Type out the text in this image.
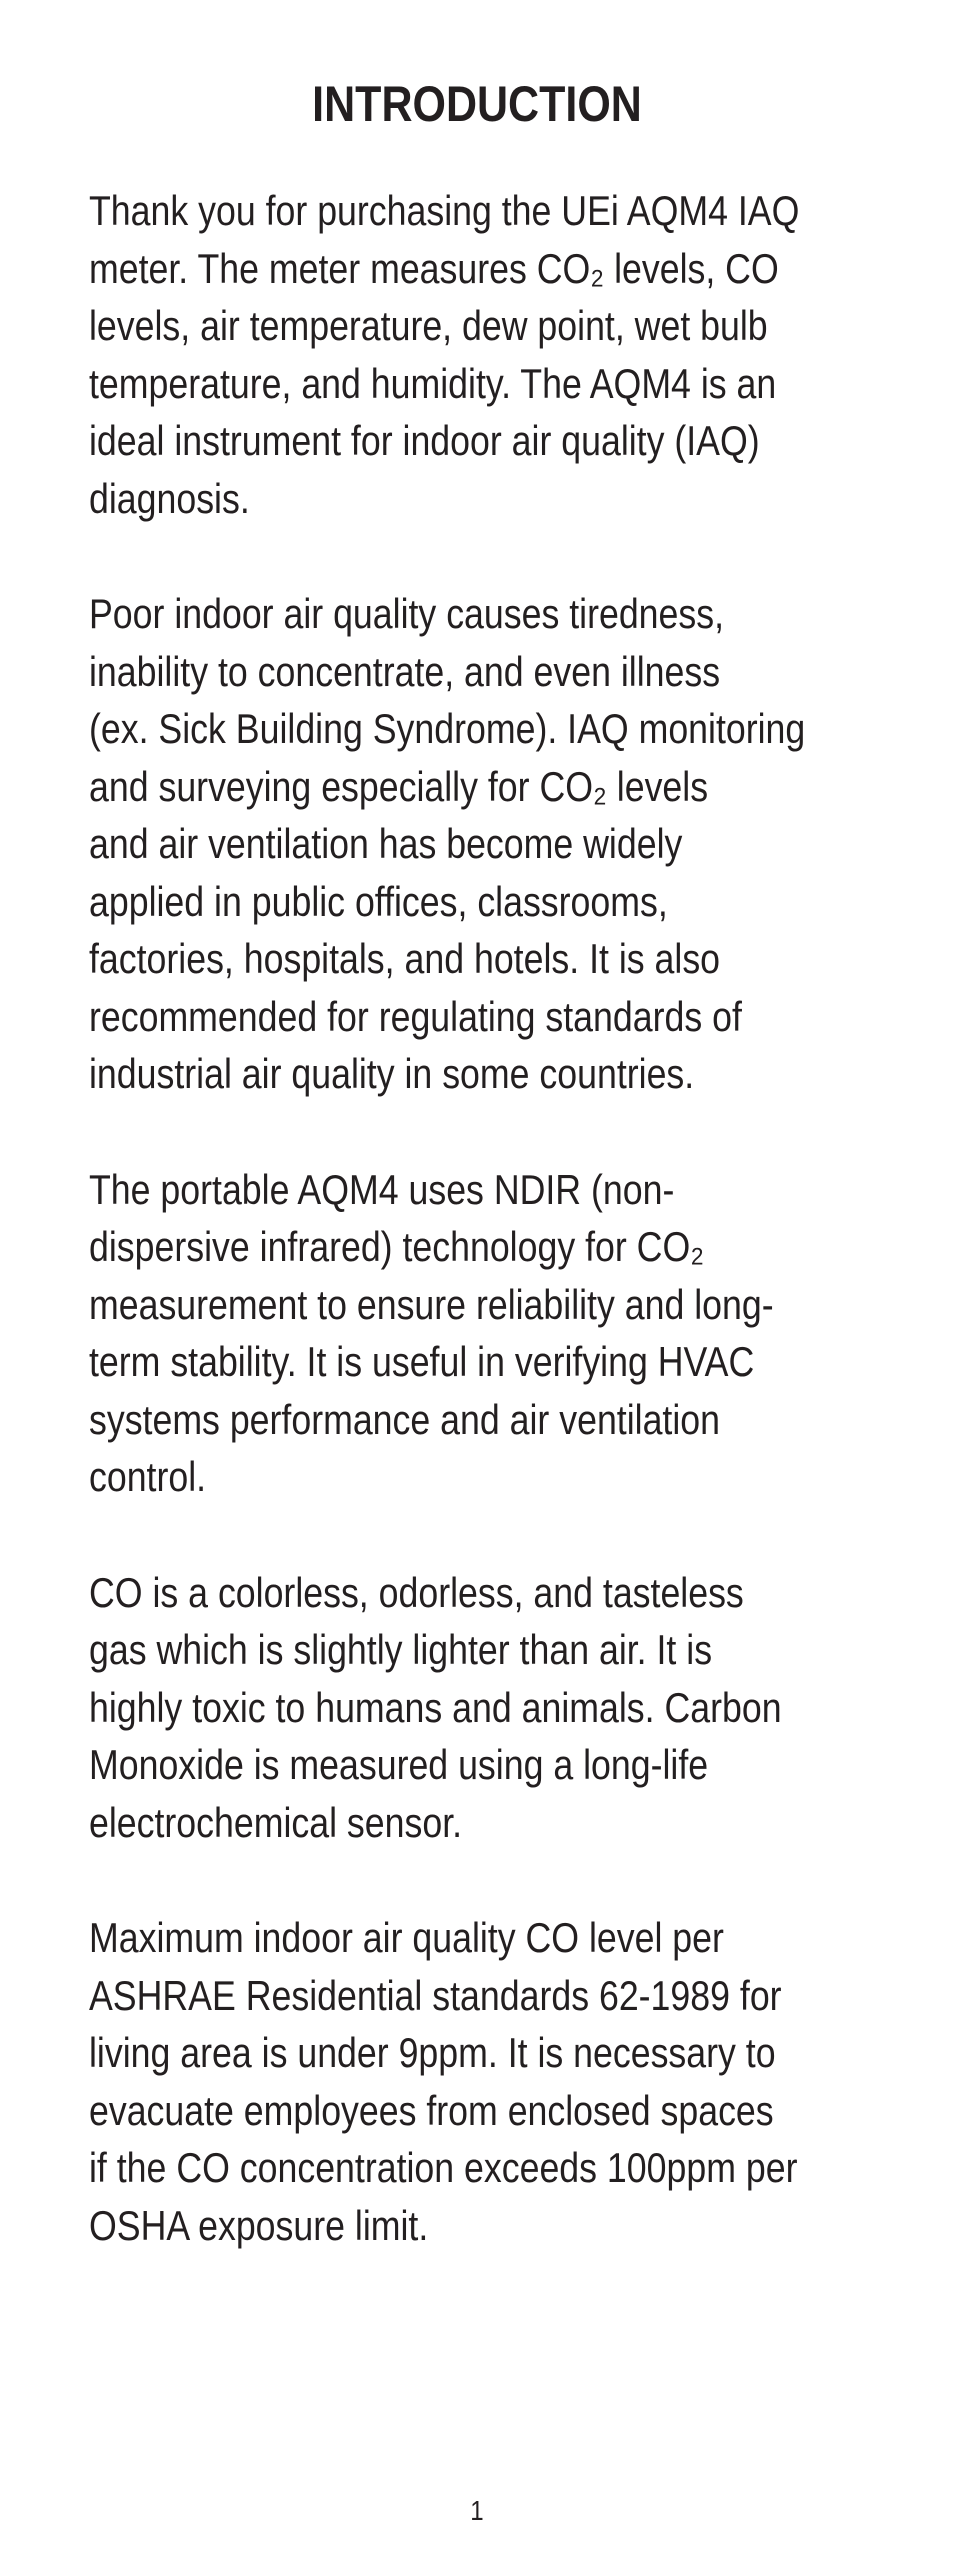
INTRODUCTION

Thank you for purchasing the UEi AQM4 IAQ
meter. The meter measures CO₂ levels, CO
levels, air temperature, dew point, wet bulb
temperature, and humidity. The AQM4 is an
ideal instrument for indoor air quality (IAQ)
diagnosis.

Poor indoor air quality causes tiredness,
inability to concentrate, and even illness
(ex. Sick Building Syndrome). IAQ monitoring
and surveying especially for CO₂ levels
and air ventilation has become widely
applied in public offices, classrooms,
factories, hospitals, and hotels. It is also
recommended for regulating standards of
industrial air quality in some countries.

The portable AQM4 uses NDIR (non-
dispersive infrared) technology for CO₂
measurement to ensure reliability and long-
term stability. It is useful in verifying HVAC
systems performance and air ventilation
control.

CO is a colorless, odorless, and tasteless
gas which is slightly lighter than air. It is
highly toxic to humans and animals. Carbon
Monoxide is measured using a long-life
electrochemical sensor.

Maximum indoor air quality CO level per
ASHRAE Residential standards 62-1989 for
living area is under 9ppm. It is necessary to
evacuate employees from enclosed spaces
if the CO concentration exceeds 100ppm per
OSHA exposure limit.

1
